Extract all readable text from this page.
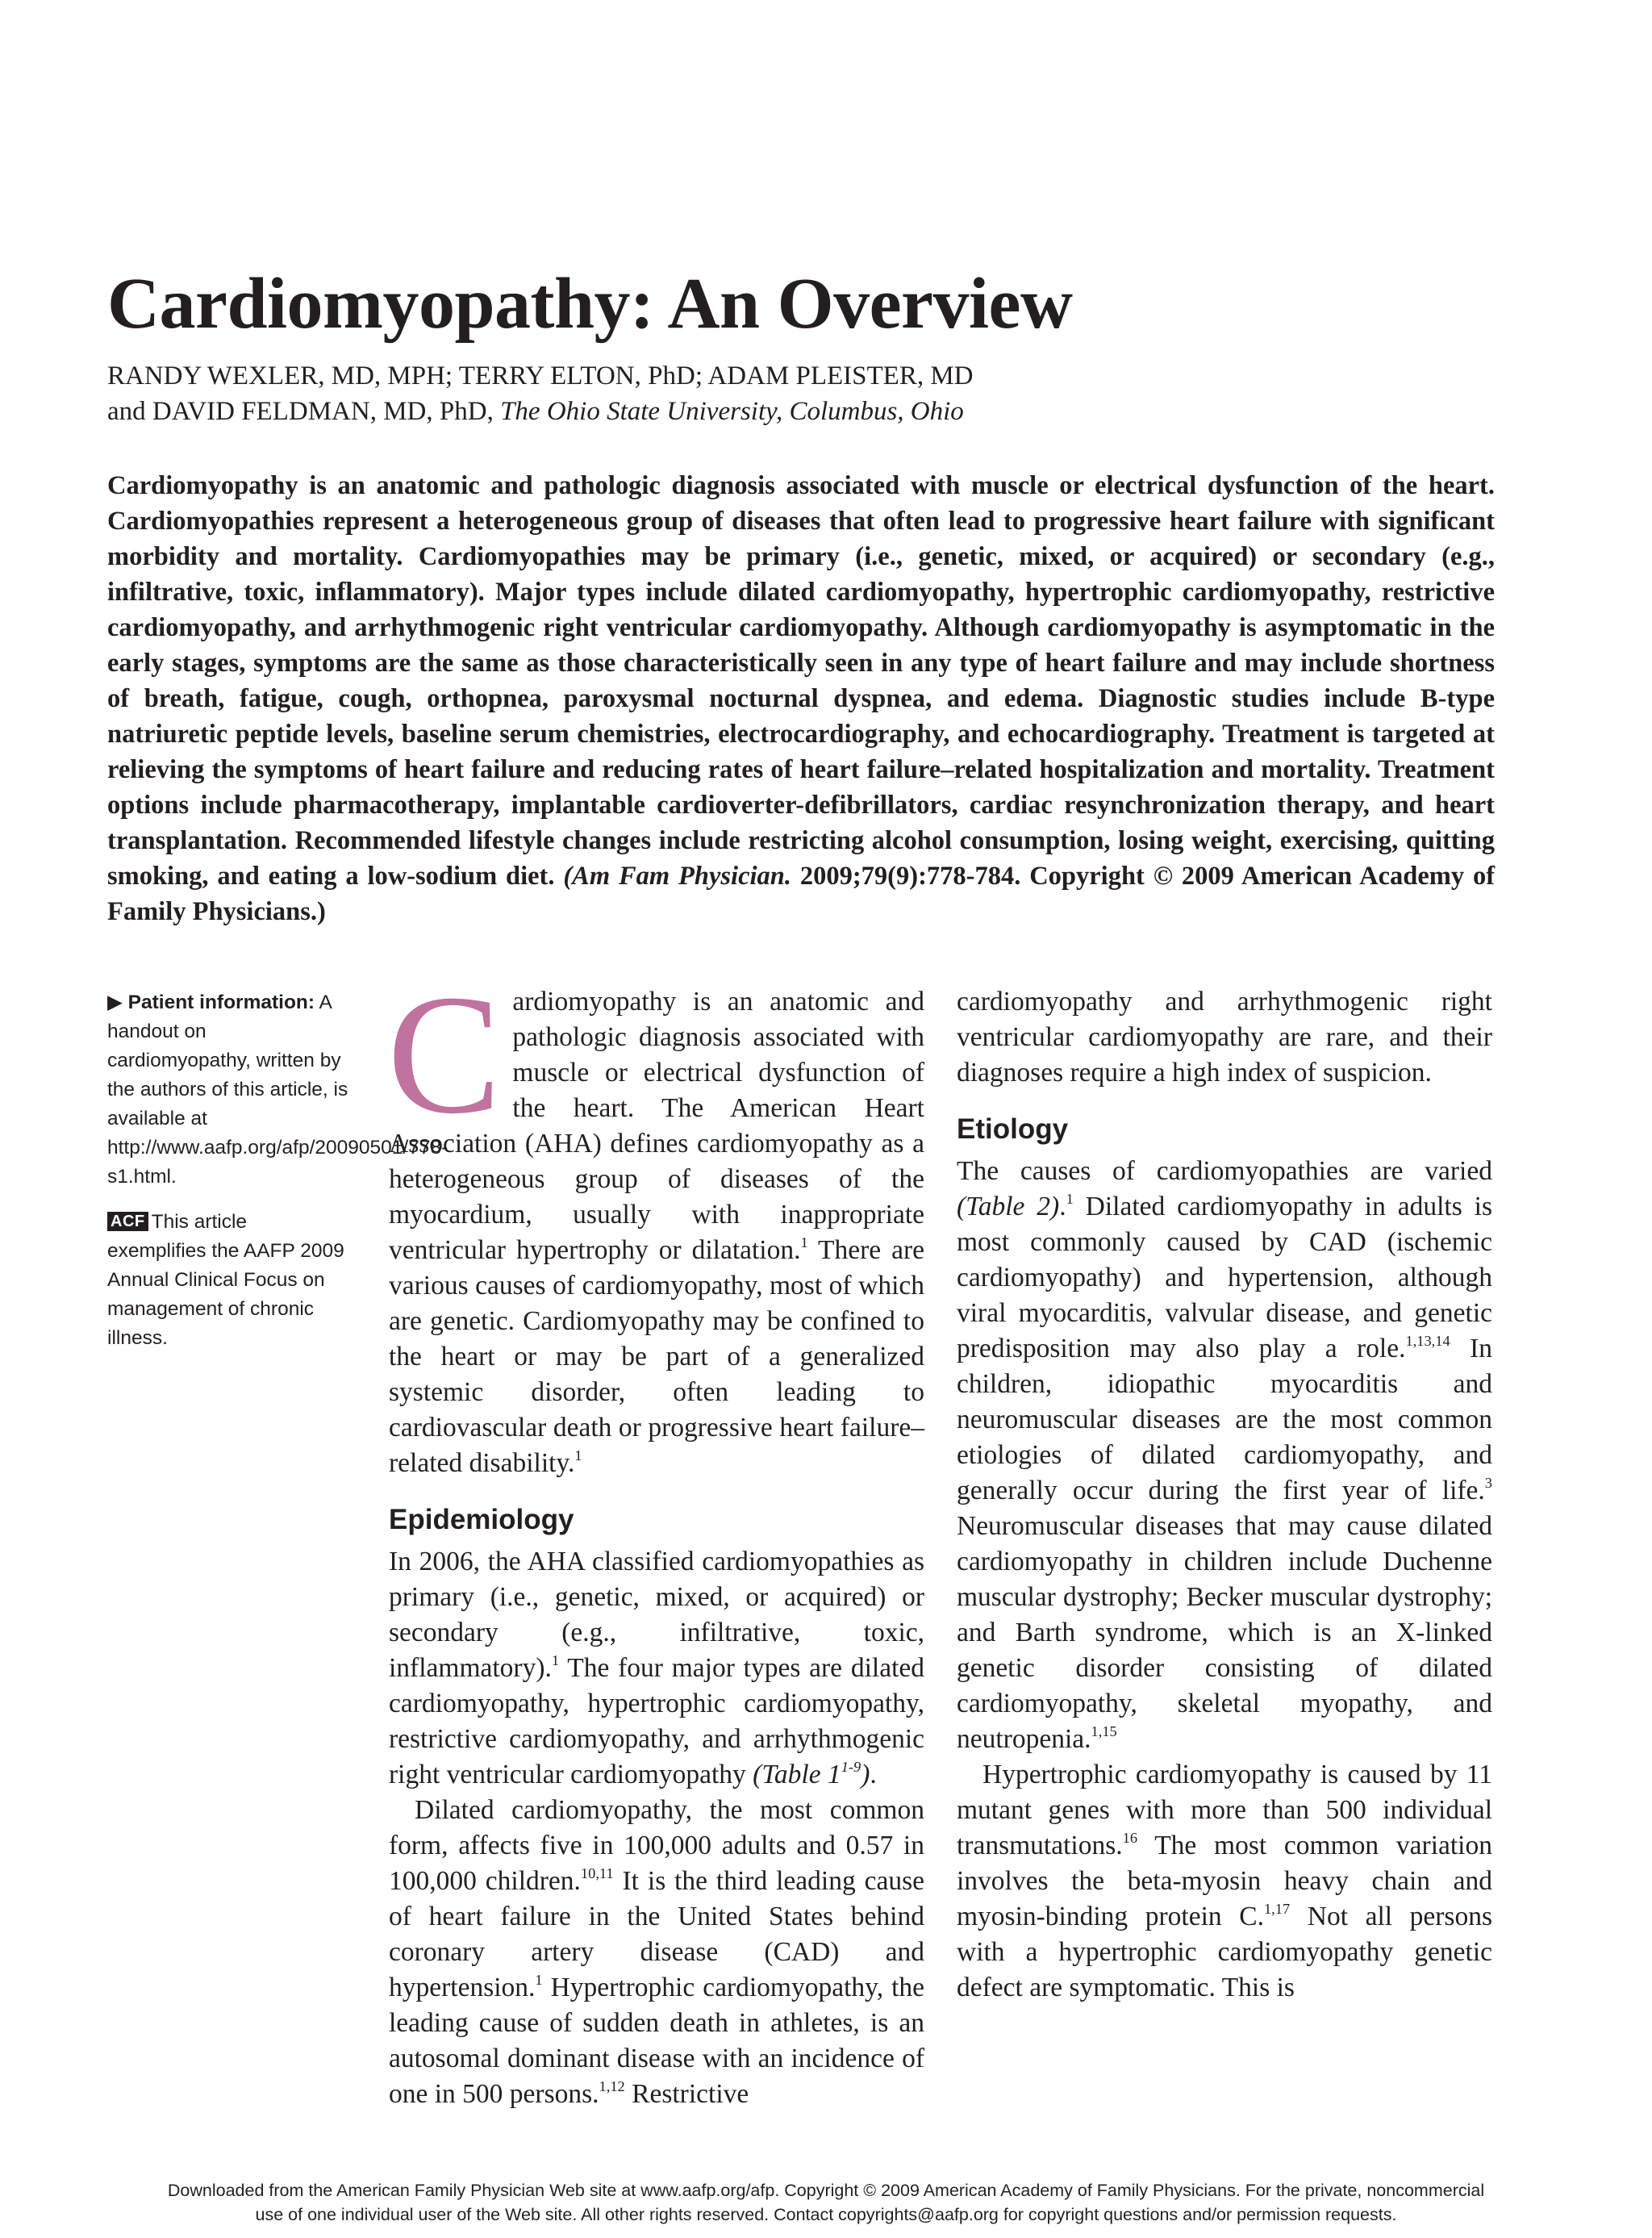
Cardiomyopathy: An Overview
RANDY WEXLER, MD, MPH; TERRY ELTON, PhD; ADAM PLEISTER, MD
and DAVID FELDMAN, MD, PhD, The Ohio State University, Columbus, Ohio
Cardiomyopathy is an anatomic and pathologic diagnosis associated with muscle or electrical dysfunction of the heart. Cardiomyopathies represent a heterogeneous group of diseases that often lead to progressive heart failure with significant morbidity and mortality. Cardiomyopathies may be primary (i.e., genetic, mixed, or acquired) or secondary (e.g., infiltrative, toxic, inflammatory). Major types include dilated cardiomyopathy, hypertrophic cardiomyopathy, restrictive cardiomyopathy, and arrhythmogenic right ventricular cardiomyopathy. Although cardiomyopathy is asymptomatic in the early stages, symptoms are the same as those characteristically seen in any type of heart failure and may include shortness of breath, fatigue, cough, orthopnea, paroxysmal nocturnal dyspnea, and edema. Diagnostic studies include B-type natriuretic peptide levels, baseline serum chemistries, electrocardiography, and echocardiography. Treatment is targeted at relieving the symptoms of heart failure and reducing rates of heart failure–related hospitalization and mortality. Treatment options include pharmacotherapy, implantable cardioverter-defibrillators, cardiac resynchronization therapy, and heart transplantation. Recommended lifestyle changes include restricting alcohol consumption, losing weight, exercising, quitting smoking, and eating a low-sodium diet. (Am Fam Physician. 2009;79(9):778-784. Copyright © 2009 American Academy of Family Physicians.)

▶ Patient information: A handout on cardiomyopathy, written by the authors of this article, is available at http://www.aafp.org/afp/20090501/778-s1.html.

ACF This article exemplifies the AAFP 2009 Annual Clinical Focus on management of chronic illness.

Cardiomyopathy is an anatomic and pathologic diagnosis associated with muscle or electrical dysfunction of the heart. The American Heart Association (AHA) defines cardiomyopathy as a heterogeneous group of diseases of the myocardium, usually with inappropriate ventricular hypertrophy or dilatation.$^1$ There are various causes of cardiomyopathy, most of which are genetic. Cardiomyopathy may be confined to the heart or may be part of a generalized systemic disorder, often leading to cardiovascular death or progressive heart failure–related disability.$^1$

Epidemiology

In 2006, the AHA classified cardiomyopathies as primary (i.e., genetic, mixed, or acquired) or secondary (e.g., infiltrative, toxic, inflammatory).$^1$ The four major types are dilated cardiomyopathy, hypertrophic cardiomyopathy, restrictive cardiomyopathy, and arrhythmogenic right ventricular cardiomyopathy (Table 1$^{1-9}$).

Dilated cardiomyopathy, the most common form, affects five in 100,000 adults and 0.57 in 100,000 children.$^{10,11}$ It is the third leading cause of heart failure in the United States behind coronary artery disease (CAD) and hypertension.$^1$ Hypertrophic cardiomyopathy, the leading cause of sudden death in athletes, is an autosomal dominant disease with an incidence of one in 500 persons.$^{1,12}$ Restrictive

cardiomyopathy and arrhythmogenic right ventricular cardiomyopathy are rare, and their diagnoses require a high index of suspicion.

Etiology

The causes of cardiomyopathies are varied (Table 2).$^1$ Dilated cardiomyopathy in adults is most commonly caused by CAD (ischemic cardiomyopathy) and hypertension, although viral myocarditis, valvular disease, and genetic predisposition may also play a role.$^{1,13,14}$ In children, idiopathic myocarditis and neuromuscular diseases are the most common etiologies of dilated cardiomyopathy, and generally occur during the first year of life.$^3$ Neuromuscular diseases that may cause dilated cardiomyopathy in children include Duchenne muscular dystrophy; Becker muscular dystrophy; and Barth syndrome, which is an X-linked genetic disorder consisting of dilated cardiomyopathy, skeletal myopathy, and neutropenia.$^{1,15}$

Hypertrophic cardiomyopathy is caused by 11 mutant genes with more than 500 individual transmutations.$^{16}$ The most common variation involves the beta-myosin heavy chain and myosin-binding protein C.$^{1,17}$ Not all persons with a hypertrophic cardiomyopathy genetic defect are symptomatic. This is

Downloaded from the American Family Physician Web site at www.aafp.org/afp. Copyright © 2009 American Academy of Family Physicians. For the private, noncommercial
use of one individual user of the Web site. All other rights reserved. Contact copyrights@aafp.org for copyright questions and/or permission requests.
